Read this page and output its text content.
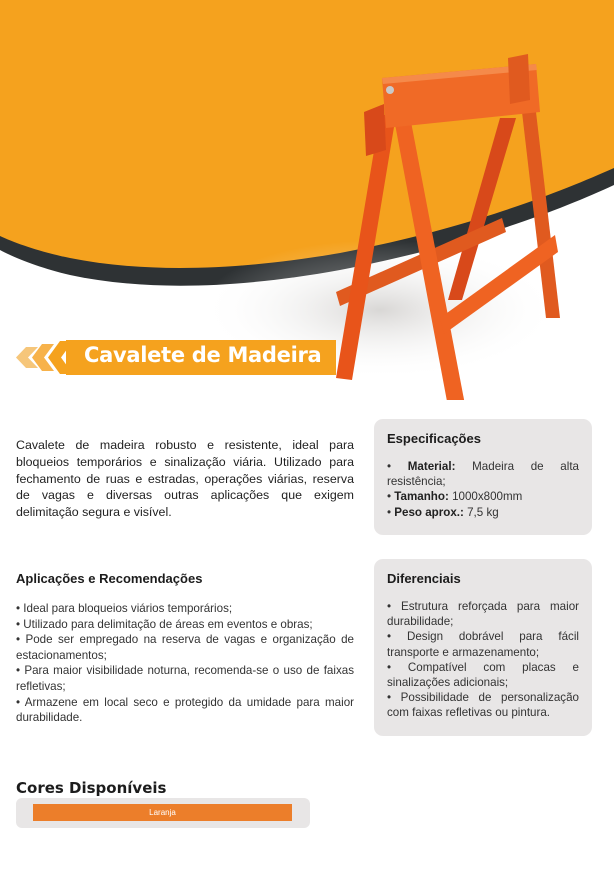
Cavalete de Madeira

Cavalete de madeira robusto e resistente, ideal para bloqueios temporários e sinalização viária. Utilizado para fechamento de ruas e estradas, operações viárias, reserva de vagas e diversas outras aplicações que exigem delimitação segura e visível.

Especificações
• Material: Madeira de alta resistência;
• Tamanho: 1000x800mm
• Peso aprox.: 7,5 kg
Aplicações e Recomendações
• Ideal para bloqueios viários temporários;
• Utilizado para delimitação de áreas em eventos e obras;
• Pode ser empregado na reserva de vagas e organização de estacionamentos;
• Para maior visibilidade noturna, recomenda-se o uso de faixas refletivas;
• Armazene em local seco e protegido da umidade para maior durabilidade.
Diferenciais
• Estrutura reforçada para maior durabilidade;
• Design dobrável para fácil transporte e armazenamento;
• Compatível com placas e sinalizações adicionais;
• Possibilidade de personalização com faixas refletivas ou pintura.
Cores Disponíveis
Laranja
